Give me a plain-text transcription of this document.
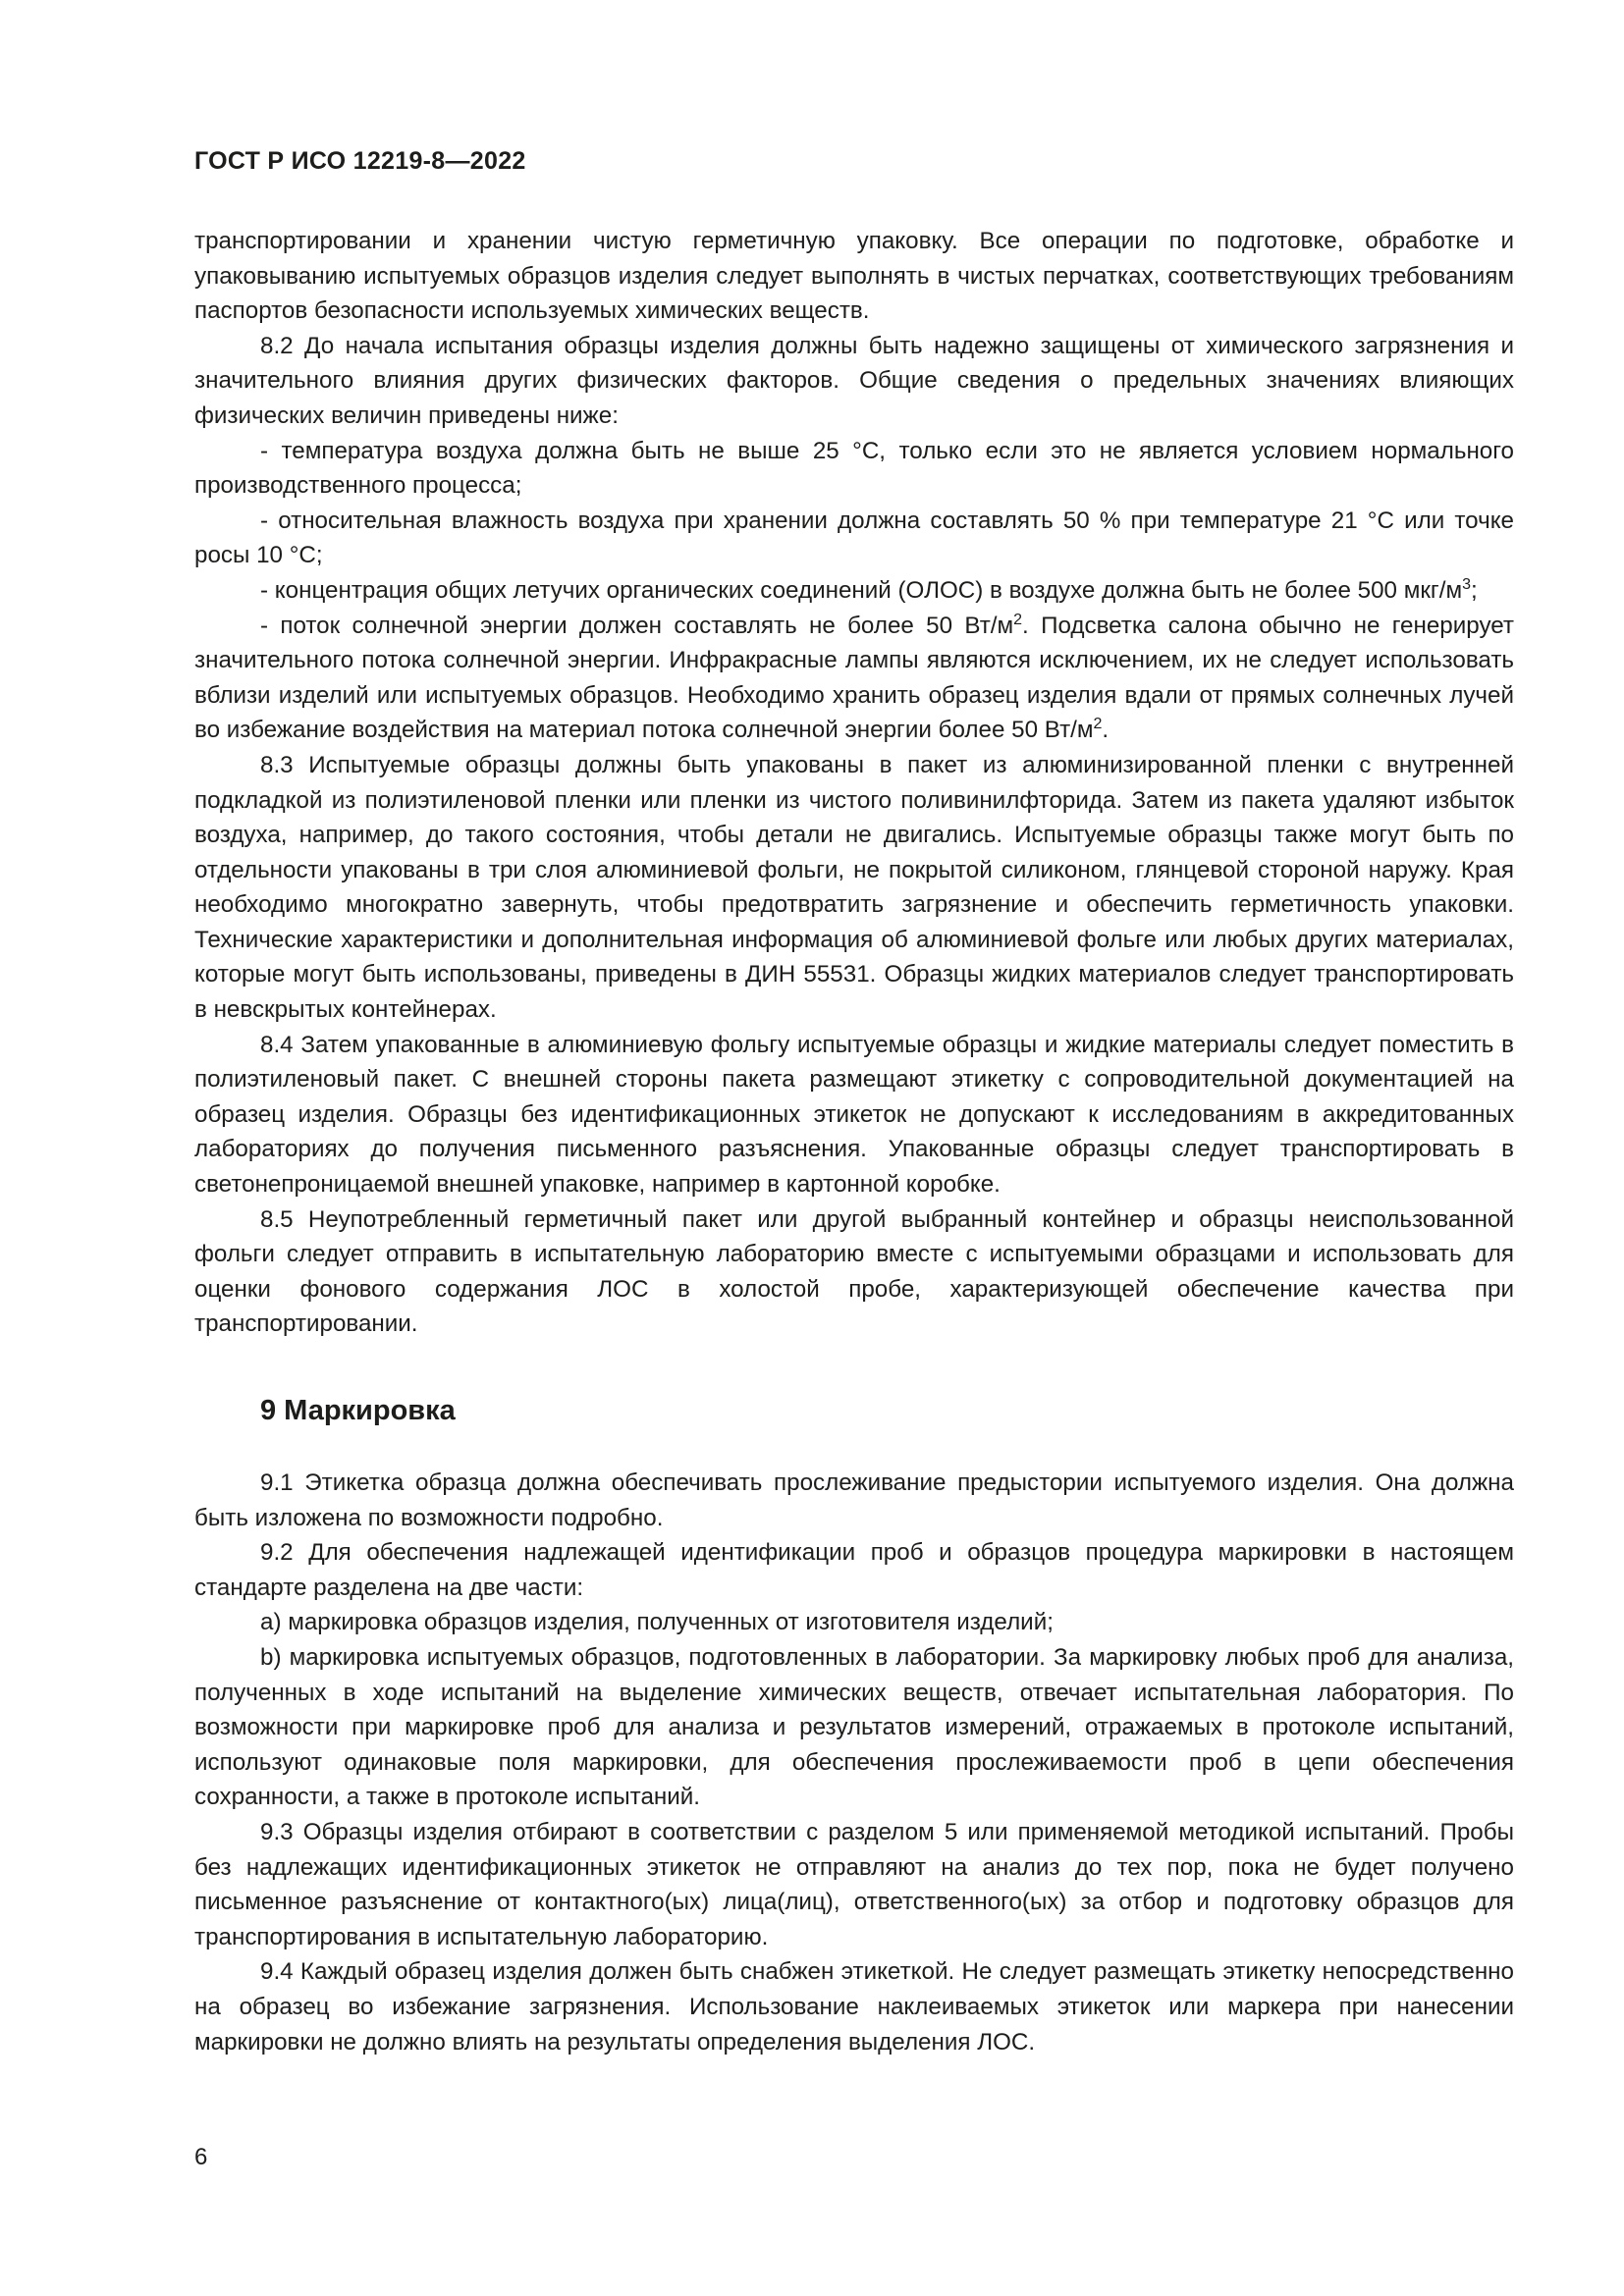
ГОСТ Р ИСО 12219-8—2022

транспортировании и хранении чистую герметичную упаковку. Все операции по подготовке, обработке и упаковыванию испытуемых образцов изделия следует выполнять в чистых перчатках, соответствующих требованиям паспортов безопасности используемых химических веществ.

8.2 До начала испытания образцы изделия должны быть надежно защищены от химического загрязнения и значительного влияния других физических факторов. Общие сведения о предельных значениях влияющих физических величин приведены ниже:

- температура воздуха должна быть не выше 25 °С, только если это не является условием нормального производственного процесса;

- относительная влажность воздуха при хранении должна составлять 50 % при температуре 21 °С или точке росы 10 °С;

- концентрация общих летучих органических соединений (ОЛОС) в воздухе должна быть не более 500 мкг/$м^3$;

- поток солнечной энергии должен составлять не более 50 $Вт/м^2$. Подсветка салона обычно не генерирует значительного потока солнечной энергии. Инфракрасные лампы являются исключением, их не следует использовать вблизи изделий или испытуемых образцов. Необходимо хранить образец изделия вдали от прямых солнечных лучей во избежание воздействия на материал потока солнечной энергии более 50 $Вт/м^2$.

8.3 Испытуемые образцы должны быть упакованы в пакет из алюминизированной пленки с внутренней подкладкой из полиэтиленовой пленки или пленки из чистого поливинилфторида. Затем из пакета удаляют избыток воздуха, например, до такого состояния, чтобы детали не двигались. Испытуемые образцы также могут быть по отдельности упакованы в три слоя алюминиевой фольги, не покрытой силиконом, глянцевой стороной наружу. Края необходимо многократно завернуть, чтобы предотвратить загрязнение и обеспечить герметичность упаковки. Технические характеристики и дополнительная информация об алюминиевой фольге или любых других материалах, которые могут быть использованы, приведены в ДИН 55531. Образцы жидких материалов следует транспортировать в невскрытых контейнерах.

8.4 Затем упакованные в алюминиевую фольгу испытуемые образцы и жидкие материалы следует поместить в полиэтиленовый пакет. С внешней стороны пакета размещают этикетку с сопроводительной документацией на образец изделия. Образцы без идентификационных этикеток не допускают к исследованиям в аккредитованных лабораториях до получения письменного разъяснения. Упакованные образцы следует транспортировать в светонепроницаемой внешней упаковке, например в картонной коробке.

8.5 Неупотребленный герметичный пакет или другой выбранный контейнер и образцы неиспользованной фольги следует отправить в испытательную лабораторию вместе с испытуемыми образцами и использовать для оценки фонового содержания ЛОС в холостой пробе, характеризующей обеспечение качества при транспортировании.

9 Маркировка

9.1 Этикетка образца должна обеспечивать прослеживание предыстории испытуемого изделия. Она должна быть изложена по возможности подробно.

9.2 Для обеспечения надлежащей идентификации проб и образцов процедура маркировки в настоящем стандарте разделена на две части:

a) маркировка образцов изделия, полученных от изготовителя изделий;

b) маркировка испытуемых образцов, подготовленных в лаборатории. За маркировку любых проб для анализа, полученных в ходе испытаний на выделение химических веществ, отвечает испытательная лаборатория. По возможности при маркировке проб для анализа и результатов измерений, отражаемых в протоколе испытаний, используют одинаковые поля маркировки, для обеспечения прослеживаемости проб в цепи обеспечения сохранности, а также в протоколе испытаний.

9.3 Образцы изделия отбирают в соответствии с разделом 5 или применяемой методикой испытаний. Пробы без надлежащих идентификационных этикеток не отправляют на анализ до тех пор, пока не будет получено письменное разъяснение от контактного(ых) лица(лиц), ответственного(ых) за отбор и подготовку образцов для транспортирования в испытательную лабораторию.

9.4 Каждый образец изделия должен быть снабжен этикеткой. Не следует размещать этикетку непосредственно на образец во избежание загрязнения. Использование наклеиваемых этикеток или маркера при нанесении маркировки не должно влиять на результаты определения выделения ЛОС.

6
